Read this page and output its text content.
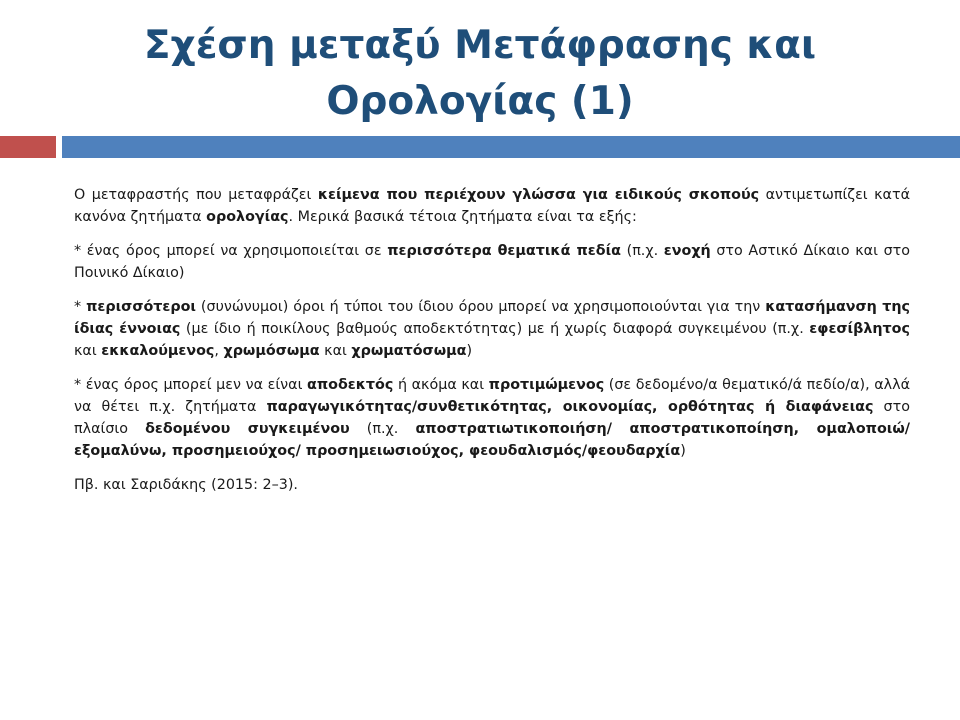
Σχέση μεταξύ Μετάφρασης και
Ορολογίας (1)

Ο μεταφραστής που μεταφράζει κείμενα που περιέχουν γλώσσα για ειδικούς σκοπούς αντιμετωπίζει κατά κανόνα ζητήματα ορολογίας. Μερικά βασικά τέτοια ζητήματα είναι τα εξής:

* ένας όρος μπορεί να χρησιμοποιείται σε περισσότερα θεματικά πεδία (π.χ. ενοχή στο Αστικό Δίκαιο και στο Ποινικό Δίκαιο)

* περισσότεροι (συνώνυμοι) όροι ή τύποι του ίδιου όρου μπορεί να χρησιμοποιούνται για την κατασήμανση της ίδιας έννοιας (με ίδιο ή ποικίλους βαθμούς αποδεκτότητας) με ή χωρίς διαφορά συγκειμένου (π.χ. εφεσίβλητος και εκκαλούμενος, χρωμόσωμα και χρωματόσωμα)

* ένας όρος μπορεί μεν να είναι αποδεκτός ή ακόμα και προτιμώμενος (σε δεδομένο/α θεματικό/ά πεδίο/α), αλλά να θέτει π.χ. ζητήματα παραγωγικότητας/συνθετικότητας, οικονομίας, ορθότητας ή διαφάνειας στο πλαίσιο δεδομένου συγκειμένου (π.χ. αποστρατιωτικοποιήση/ αποστρατικοποίηση, ομαλοποιώ/ εξομαλύνω, προσημειούχος/ προσημειωσιούχος, φεουδαλισμός/φεουδαρχία)

Πβ. και Σαριδάκης (2015: 2–3).
